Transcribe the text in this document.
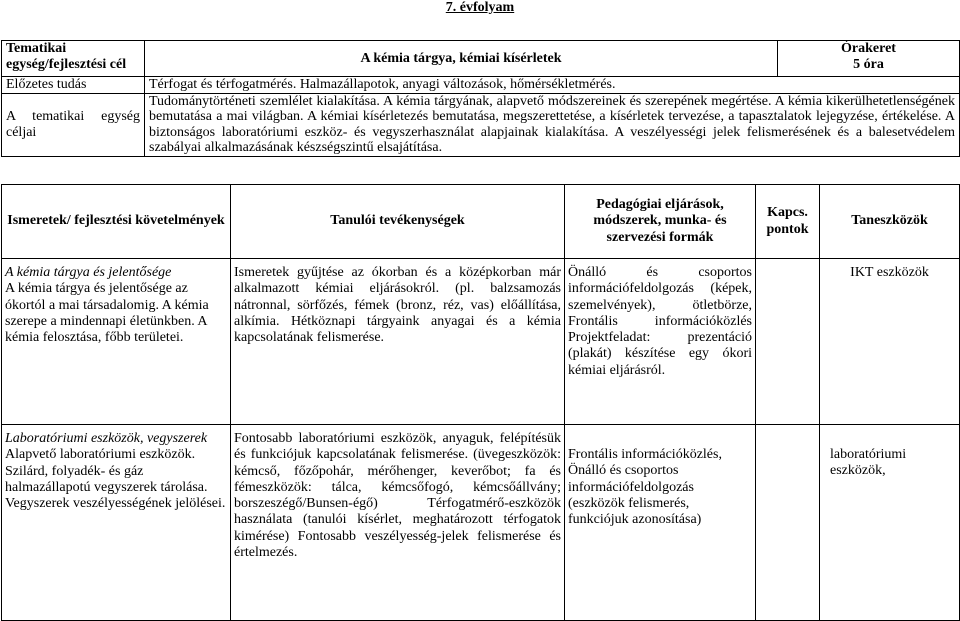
7. évfolyam
Tematikai egység/fejlesztési cél	A kémia tárgya, kémiai kísérletek	Órakeret
5 óra

Előzetes tudás	Térfogat és térfogatmérés. Halmazállapotok, anyagi változások, hőmérsékletmérés.	
A tematikai egység céljai	Tudománytörténeti szemlélet kialakítása. A kémia tárgyának, alapvető módszereinek és szerepének megértése. A kémia kikerülhetetlenségének bemutatása a mai világban. A kémiai kísérletezés bemutatása, megszerettetése, a kísérletek tervezése, a tapasztalatok lejegyzése, értékelése. A biztonságos laboratóriumi eszköz- és vegyszerhasználat alapjainak kialakítása. A veszélyességi jelek felismerésének és a balesetvédelem szabályai alkalmazásának készségszintű elsajátítása.	
Ismeretek/ fejlesztési követelmények	Tanulói tevékenységek	Pedagógiai eljárások, módszerek, munka- és szervezési formák	Kapcs. pontok	Taneszközök

A kémia tárgya és jelentősége
A kémia tárgya és jelentősége az ókortól a mai társadalomig. A kémia szerepe a mindennapi életünkben. A kémia felosztása, főbb területei.	Ismeretek gyűjtése az ókorban és a középkorban már alkalmazott kémiai eljárásokról. (pl. balzsamozás nátronnal, sörfőzés, fémek (bronz, réz, vas) előállítása, alkímia. Hétköznapi tárgyaink anyagai és a kémia kapcsolatának felismerése.	Önálló és csoportos információfeldolgozás (képek, szemelvények), ötletbörze, Frontális információközlés Projektfeladat: prezentáció (plakát) készítése egy ókori kémiai eljárásról.		IKT eszközök

Laboratóriumi eszközök, vegyszerek
Alapvető laboratóriumi eszközök. Szilárd, folyadék- és gáz halmazállapotú vegyszerek tárolása. Vegyszerek veszélyességének jelölései.	Fontosabb laboratóriumi eszközök, anyaguk, felépítésük és funkciójuk kapcsolatának felismerése. (üvegeszközök: kémcső, főzőpohár, mérőhenger, keverőbot; fa és fémeszközök: tálca, kémcsőfogó, kémcsőállvány; borszeszégő/Bunsen-égő) Térfogatmérő-eszközök használata (tanulói kísérlet, meghatározott térfogatok kimérése) Fontosabb veszélyesség-jelek felismerése és értelmezés.	Frontális információközlés, Önálló és csoportos információfeldolgozás (eszközök felismerés, funkciójuk azonosítása)		laboratóriumi eszközök,
